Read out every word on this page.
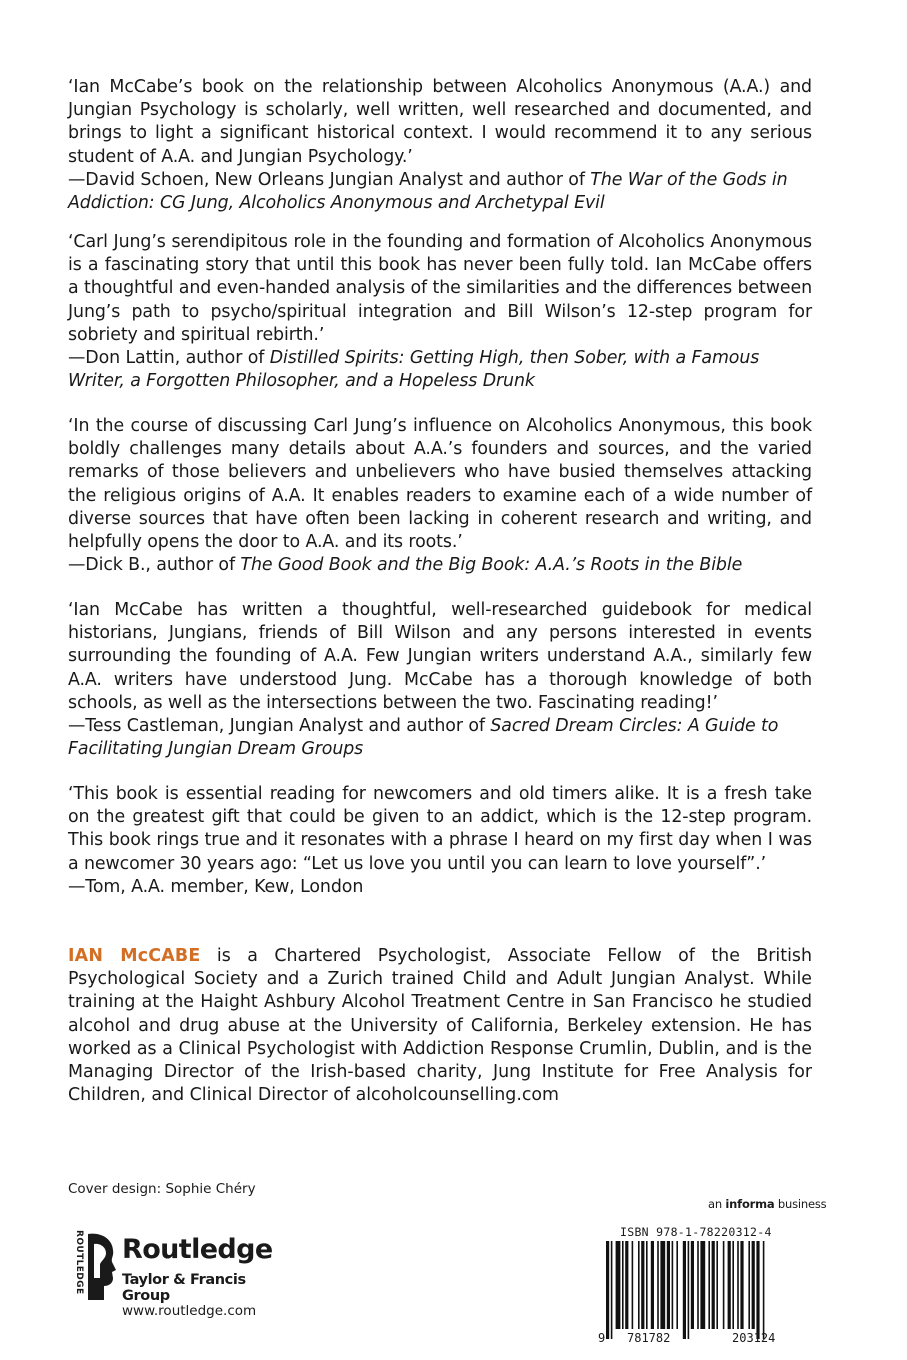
‘Ian McCabe’s book on the relationship between Alcoholics Anonymous (A.A.) and Jungian Psychology is scholarly, well written, well researched and documented, and brings to light a significant historical context. I would recommend it to any serious student of A.A. and Jungian Psychology.’

—David Schoen, New Orleans Jungian Analyst and author of The War of the Gods in Addiction: CG Jung, Alcoholics Anonymous and Archetypal Evil

‘Carl Jung’s serendipitous role in the founding and formation of Alcoholics Anonymous is a fascinating story that until this book has never been fully told. Ian McCabe offers a thoughtful and even-handed analysis of the similarities and the differences between Jung’s path to psycho/spiritual integration and Bill Wilson’s 12-step program for sobriety and spiritual rebirth.’

—Don Lattin, author of Distilled Spirits: Getting High, then Sober, with a Famous Writer, a Forgotten Philosopher, and a Hopeless Drunk

‘In the course of discussing Carl Jung’s influence on Alcoholics Anonymous, this book boldly challenges many details about A.A.’s founders and sources, and the varied remarks of those believers and unbelievers who have busied themselves attacking the religious origins of A.A. It enables readers to examine each of a wide number of diverse sources that have often been lacking in coherent research and writing, and helpfully opens the door to A.A. and its roots.’

—Dick B., author of The Good Book and the Big Book: A.A.’s Roots in the Bible

‘Ian McCabe has written a thoughtful, well-researched guidebook for medical historians, Jungians, friends of Bill Wilson and any persons interested in events surrounding the founding of A.A. Few Jungian writers understand A.A., similarly few A.A. writers have understood Jung. McCabe has a thorough knowledge of both schools, as well as the intersections between the two. Fascinating reading!’

—Tess Castleman, Jungian Analyst and author of Sacred Dream Circles: A Guide to Facilitating Jungian Dream Groups

‘This book is essential reading for newcomers and old timers alike. It is a fresh take on the greatest gift that could be given to an addict, which is the 12-step program. This book rings true and it resonates with a phrase I heard on my first day when I was a newcomer 30 years ago: “Let us love you until you can learn to love yourself”.’

—Tom, A.A. member, Kew, London

IAN McCABE is a Chartered Psychologist, Associate Fellow of the British Psychological Society and a Zurich trained Child and Adult Jungian Analyst. While training at the Haight Ashbury Alcohol Treatment Centre in San Francisco he studied alcohol and drug abuse at the University of California, Berkeley extension. He has worked as a Clinical Psychologist with Addiction Response Crumlin, Dublin, and is the Managing Director of the Irish-based charity, Jung Institute for Free Analysis for Children, and Clinical Director of alcoholcounselling.com
Cover design: Sophie Chéry
an informa business
ROUTLEDGE Routledge
Taylor & Francis Group
www.routledge.com
ISBN 978-1-78220312-4
9 781782	203124
